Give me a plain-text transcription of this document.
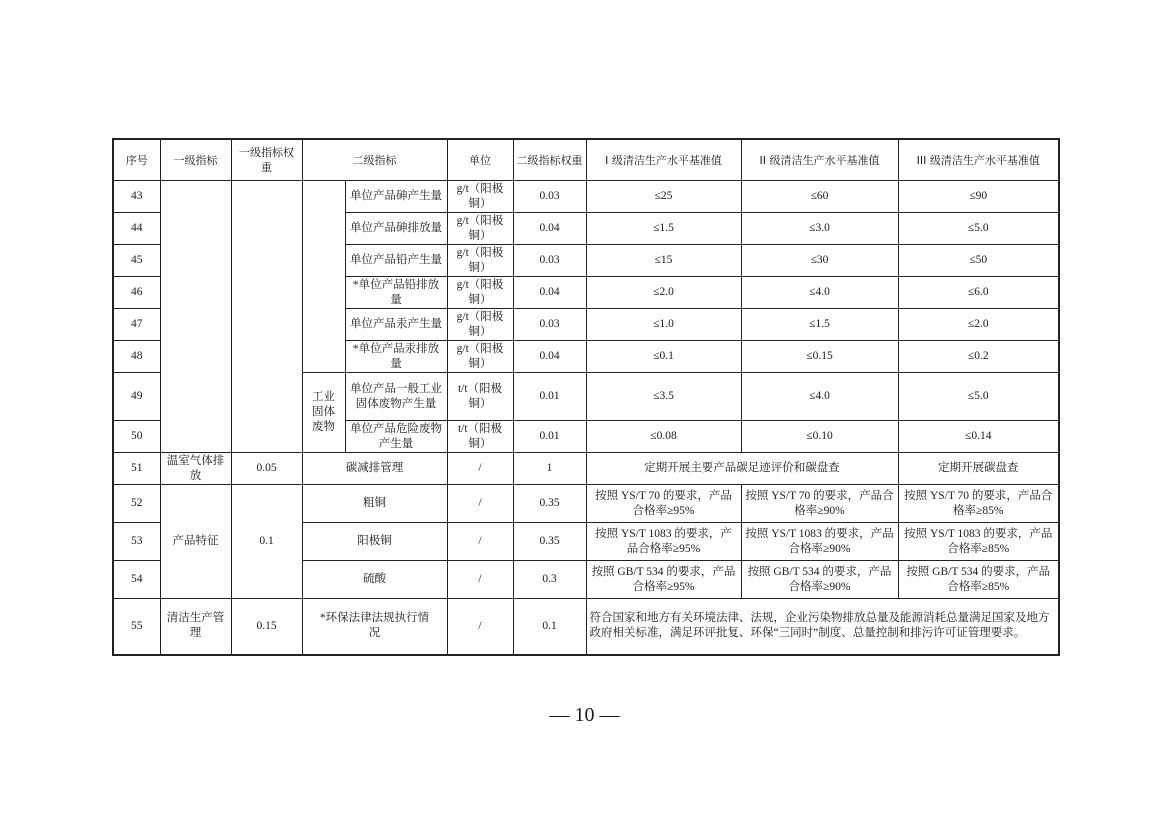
序号	一级指标	一级指标权重	二级指标		单位	二级指标权重	I 级清洁生产水平基准值	II 级清洁生产水平基准值	III 级清洁生产水平基准值
43				单位产品砷产生量	g/t（阳极铜）	0.03	≤25	≤60	≤90
44				单位产品砷排放量	g/t（阳极铜）	0.04	≤1.5	≤3.0	≤5.0
45				单位产品铅产生量	g/t（阳极铜）	0.03	≤15	≤30	≤50
46				*单位产品铅排放量	g/t（阳极铜）	0.04	≤2.0	≤4.0	≤6.0
47				单位产品汞产生量	g/t（阳极铜）	0.03	≤1.0	≤1.5	≤2.0
48				*单位产品汞排放量	g/t（阳极铜）	0.04	≤0.1	≤0.15	≤0.2
49			工业固体废物	单位产品一般工业固体废物产生量	t/t（阳极铜）	0.01	≤3.5	≤4.0	≤5.0
50				单位产品危险废物产生量	t/t（阳极铜）	0.01	≤0.08	≤0.10	≤0.14
51	温室气体排放	0.05	碳减排管理		/	1	定期开展主要产品碳足迹评价和碳盘查		定期开展碳盘查
52	产品特征	0.1	粗铜		/	0.35	按照 YS/T 70 的要求，产品合格率≥95%	按照 YS/T 70 的要求，产品合格率≥90%	按照 YS/T 70 的要求，产品合格率≥85%
53			阳极铜		/	0.35	按照 YS/T 1083 的要求，产品合格率≥95%	按照 YS/T 1083 的要求，产品合格率≥90%	按照 YS/T 1083 的要求，产品合格率≥85%
54			硫酸		/	0.3	按照 GB/T 534 的要求，产品合格率≥95%	按照 GB/T 534 的要求，产品合格率≥90%	按照 GB/T 534 的要求，产品合格率≥85%
55	清洁生产管理	0.15	*环保法律法规执行情况		/	0.1	符合国家和地方有关环境法律、法规，企业污染物排放总量及能源消耗总量满足国家及地方政府相关标准，满足环评批复、环保“三同时”制度、总量控制和排污许可证管理要求。		
— 10 —
